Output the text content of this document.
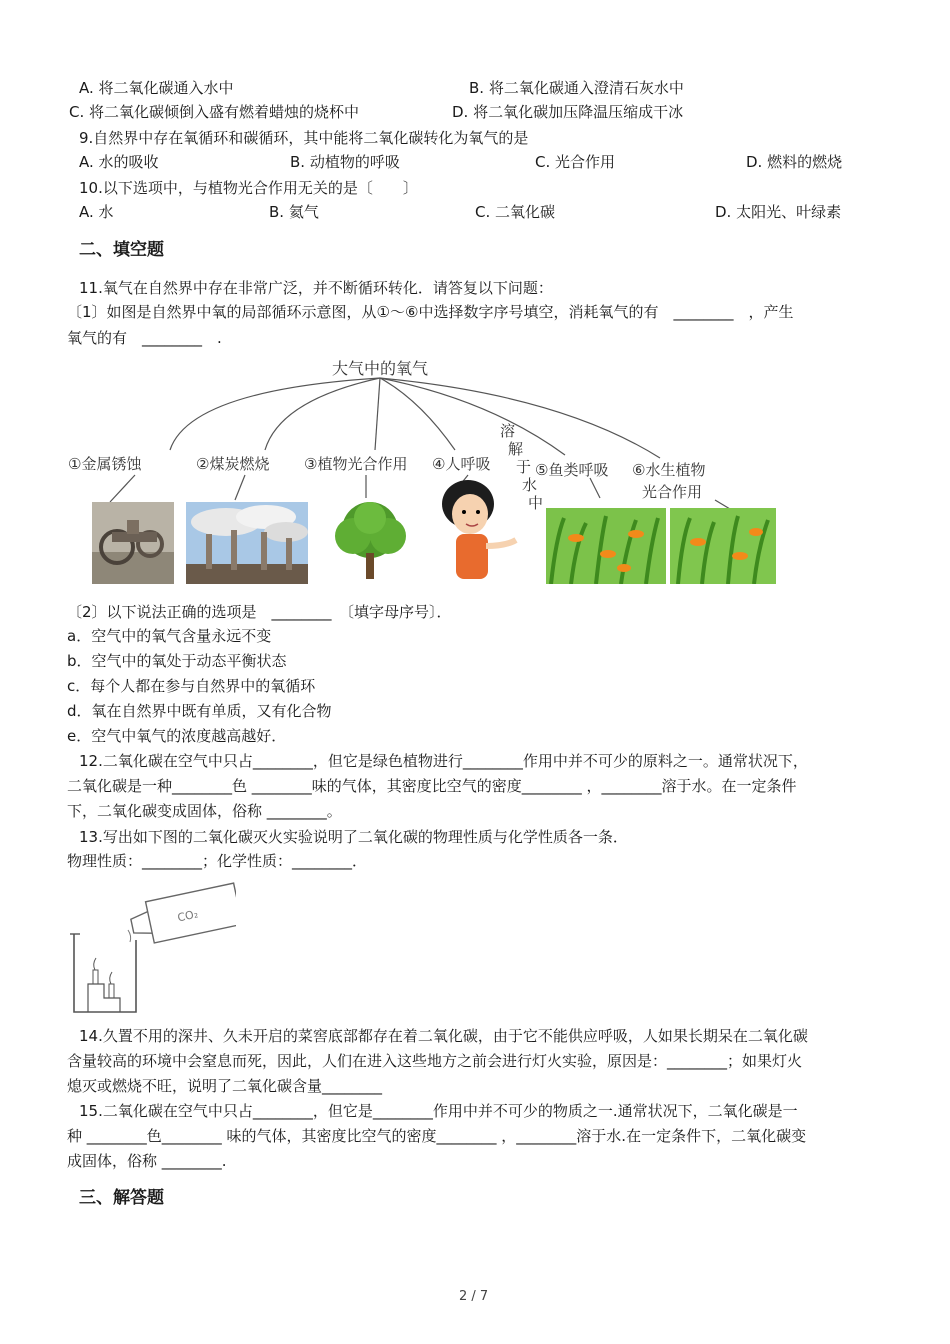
A. 将二氧化碳通入水中	B. 将二氧化碳通入澄清石灰水中
C. 将二氧化碳倾倒入盛有燃着蜡烛的烧杯中	D. 将二氧化碳加压降温压缩成干冰
9.自然界中存在氧循环和碳循环，其中能将二氧化碳转化为氧气的是
A. 水的吸收	B. 动植物的呼吸	C. 光合作用	D. 燃料的燃烧
10.以下选项中，与植物光合作用无关的是〔　　〕
A. 水	B. 氦气	C. 二氧化碳	D. 太阳光、叶绿素
二、填空题
11.氧气在自然界中存在非常广泛，并不断循环转化．请答复以下问题：
〔1〕如图是自然界中氧的局部循环示意图，从①～⑥中选择数字序号填空，消耗氧气的有　________　，产生
氧气的有　________　.
大气中的氧气
溶
解
于
水
中
①金属锈蚀	②煤炭燃烧 ③植物光合作用 ④人呼吸	⑤鱼类呼吸 ⑥水生植物
光合作用
〔2〕以下说法正确的选项是　________　〔填字母序号〕．
a．空气中的氧气含量永远不变
b．空气中的氧处于动态平衡状态
c．每个人都在参与自然界中的氧循环
d．氧在自然界中既有单质，又有化合物
e．空气中氧气的浓度越高越好．
12.二氧化碳在空气中只占________，但它是绿色植物进行________作用中并不可少的原料之一。通常状况下，
二氧化碳是一种________色 ________味的气体，其密度比空气的密度________ ，________溶于水。在一定条件
下，二氧化碳变成固体，俗称 ________。
13.写出如下图的二氧化碳灭火实验说明了二氧化碳的物理性质与化学性质各一条．
物理性质：________；化学性质：________．
CO₂
14.久置不用的深井、久未开启的菜窖底部都存在着二氧化碳，由于它不能供应呼吸，人如果长期呆在二氧化碳
含量较高的环境中会窒息而死，因此，人们在进入这些地方之前会进行灯火实验，原因是：________；如果灯火
熄灭或燃烧不旺，说明了二氧化碳含量________
15.二氧化碳在空气中只占________，但它是________作用中并不可少的物质之一.通常状况下，二氧化碳是一
种 ________色________ 味的气体，其密度比空气的密度________ ，________溶于水.在一定条件下，二氧化碳变
成固体，俗称 ________.
三、解答题
2 / 7
